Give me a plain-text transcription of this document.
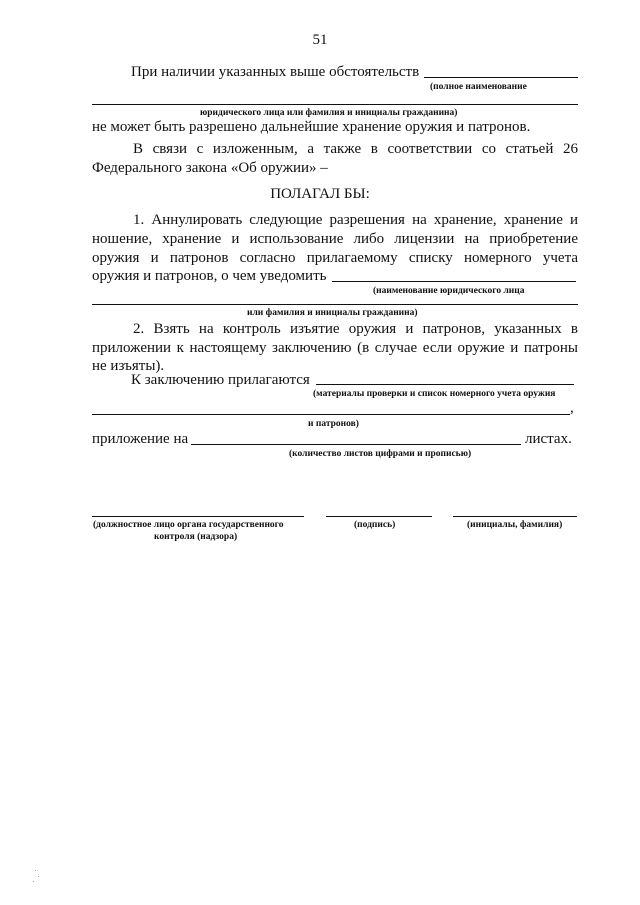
51
При наличии указанных выше обстоятельств
(полное наименование
юридического лица или фамилия и инициалы гражданина)
не может быть разрешено дальнейшие хранение оружия и патронов.
В связи с изложенным, а также в соответствии со статьей 26
Федерального закона «Об оружии» –
ПОЛАГАЛ БЫ:
1. Аннулировать следующие разрешения на хранение, хранение и
ношение, хранение и использование либо лицензии на приобретение
оружия и патронов согласно прилагаемому списку номерного учета
оружия и патронов, о чем уведомить
(наименование юридического лица
или фамилия и инициалы гражданина)
2. Взять на контроль изъятие оружия и патронов, указанных в
приложении к настоящему заключению (в случае если оружие и патроны
не изъяты).
К заключению прилагаются
(материалы проверки и список номерного учета оружия
,
и патронов)
приложение на	листах.
(количество листов цифрами и прописью)
(должностное лицо органа государственного
контроля (надзора)
(подпись)	(инициалы, фамилия)
